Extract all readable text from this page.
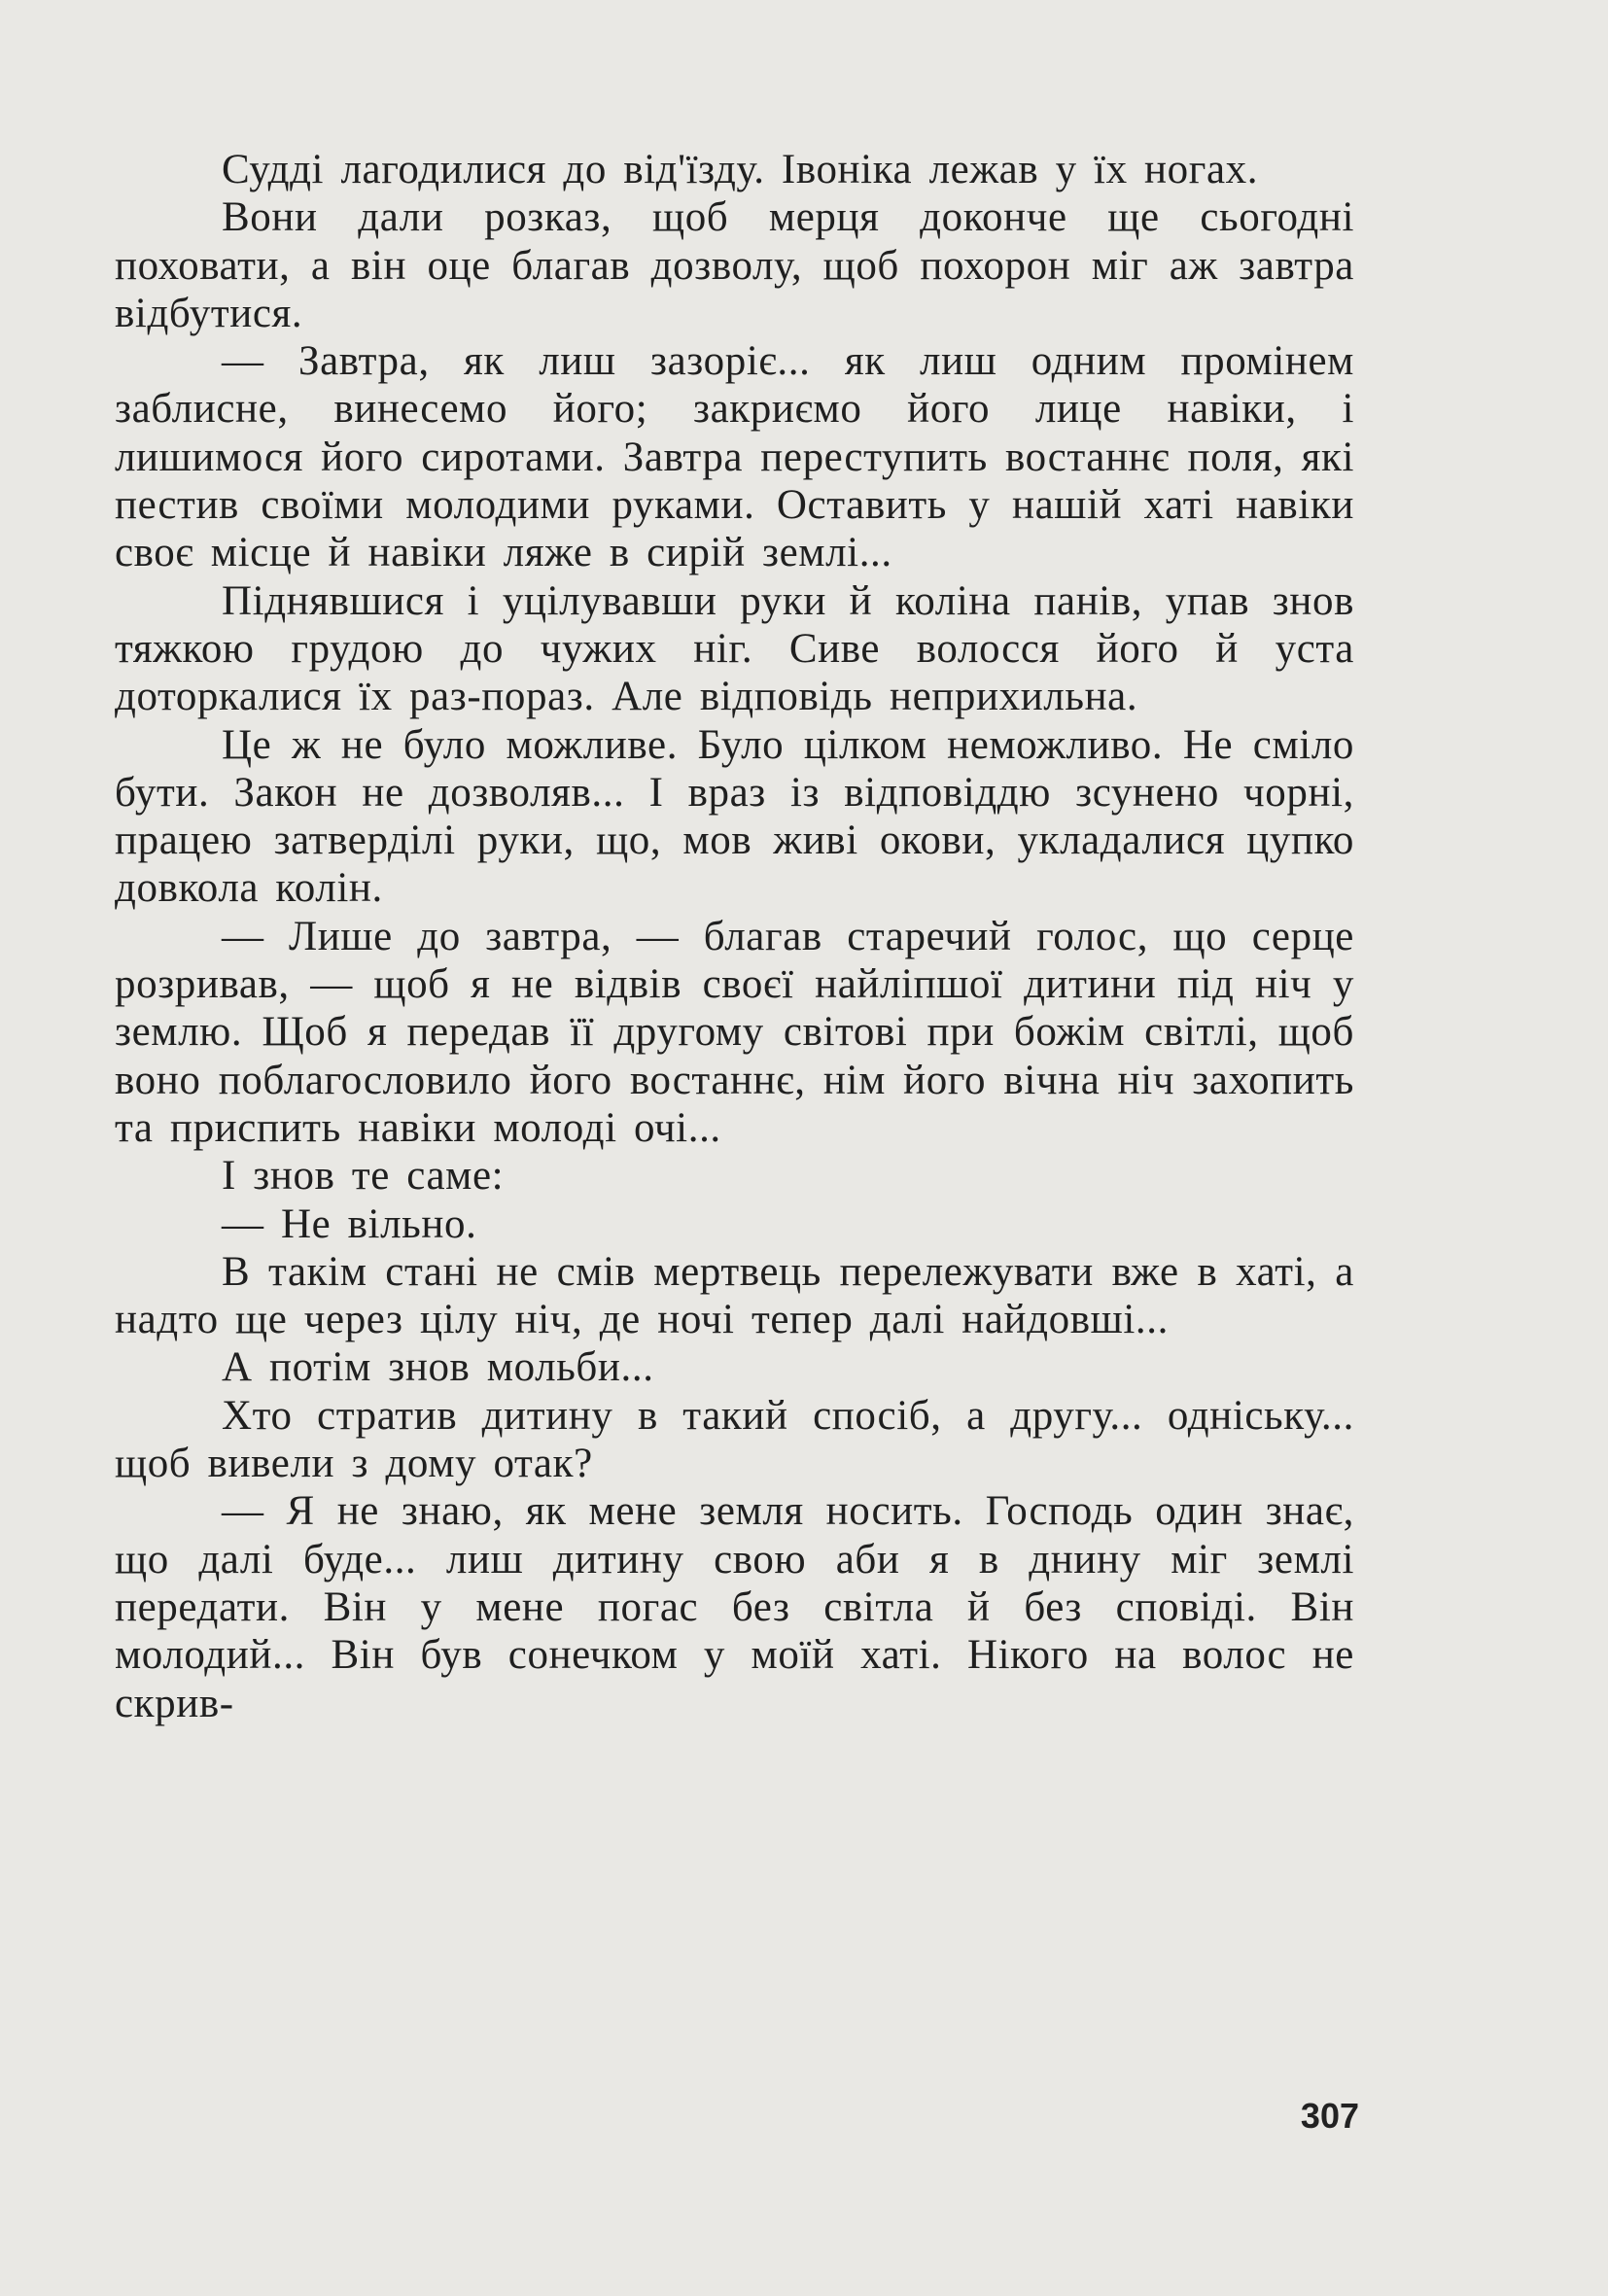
Судді лагодилися до від'їзду. Івоніка лежав у їх ногах.

Вони дали розказ, щоб мерця доконче ще сьогодні поховати, а він оце благав дозволу, щоб похорон міг аж завтра відбутися.

— Завтра, як лиш зазоріє... як лиш одним промінем заблисне, винесемо його; закриємо його лице навіки, і лишимося його сиротами. Завтра переступить востаннє поля, які пестив своїми молодими руками. Оставить у нашій хаті навіки своє місце й навіки ляже в сирій землі...

Піднявшися і уцілувавши руки й коліна панів, упав знов тяжкою грудою до чужих ніг. Сиве волосся його й уста доторкалися їх раз-пораз. Але відповідь неприхильна.

Це ж не було можливе. Було цілком неможливо. Не сміло бути. Закон не дозволяв... І враз із відповіддю зсунено чорні, працею затверділі руки, що, мов живі окови, укладалися цупко довкола колін.

— Лише до завтра, — благав старечий голос, що серце розривав, — щоб я не відвів своєї найліпшої дитини під ніч у землю. Щоб я передав її другому світові при божім світлі, щоб воно поблагословило його востаннє, нім його вічна ніч захопить та приспить навіки молоді очі...

І знов те саме:

— Не вільно.

В такім стані не смів мертвець перележувати вже в хаті, а надто ще через цілу ніч, де ночі тепер далі найдовші...

А потім знов мольби...

Хто стратив дитину в такий спосіб, а другу... одніську... щоб вивели з дому отак?

— Я не знаю, як мене земля носить. Господь один знає, що далі буде... лиш дитину свою аби я в днину міг землі передати. Він у мене погас без світла й без сповіді. Він молодий... Він був сонечком у моїй хаті. Нікого на волос не скрив-

307
